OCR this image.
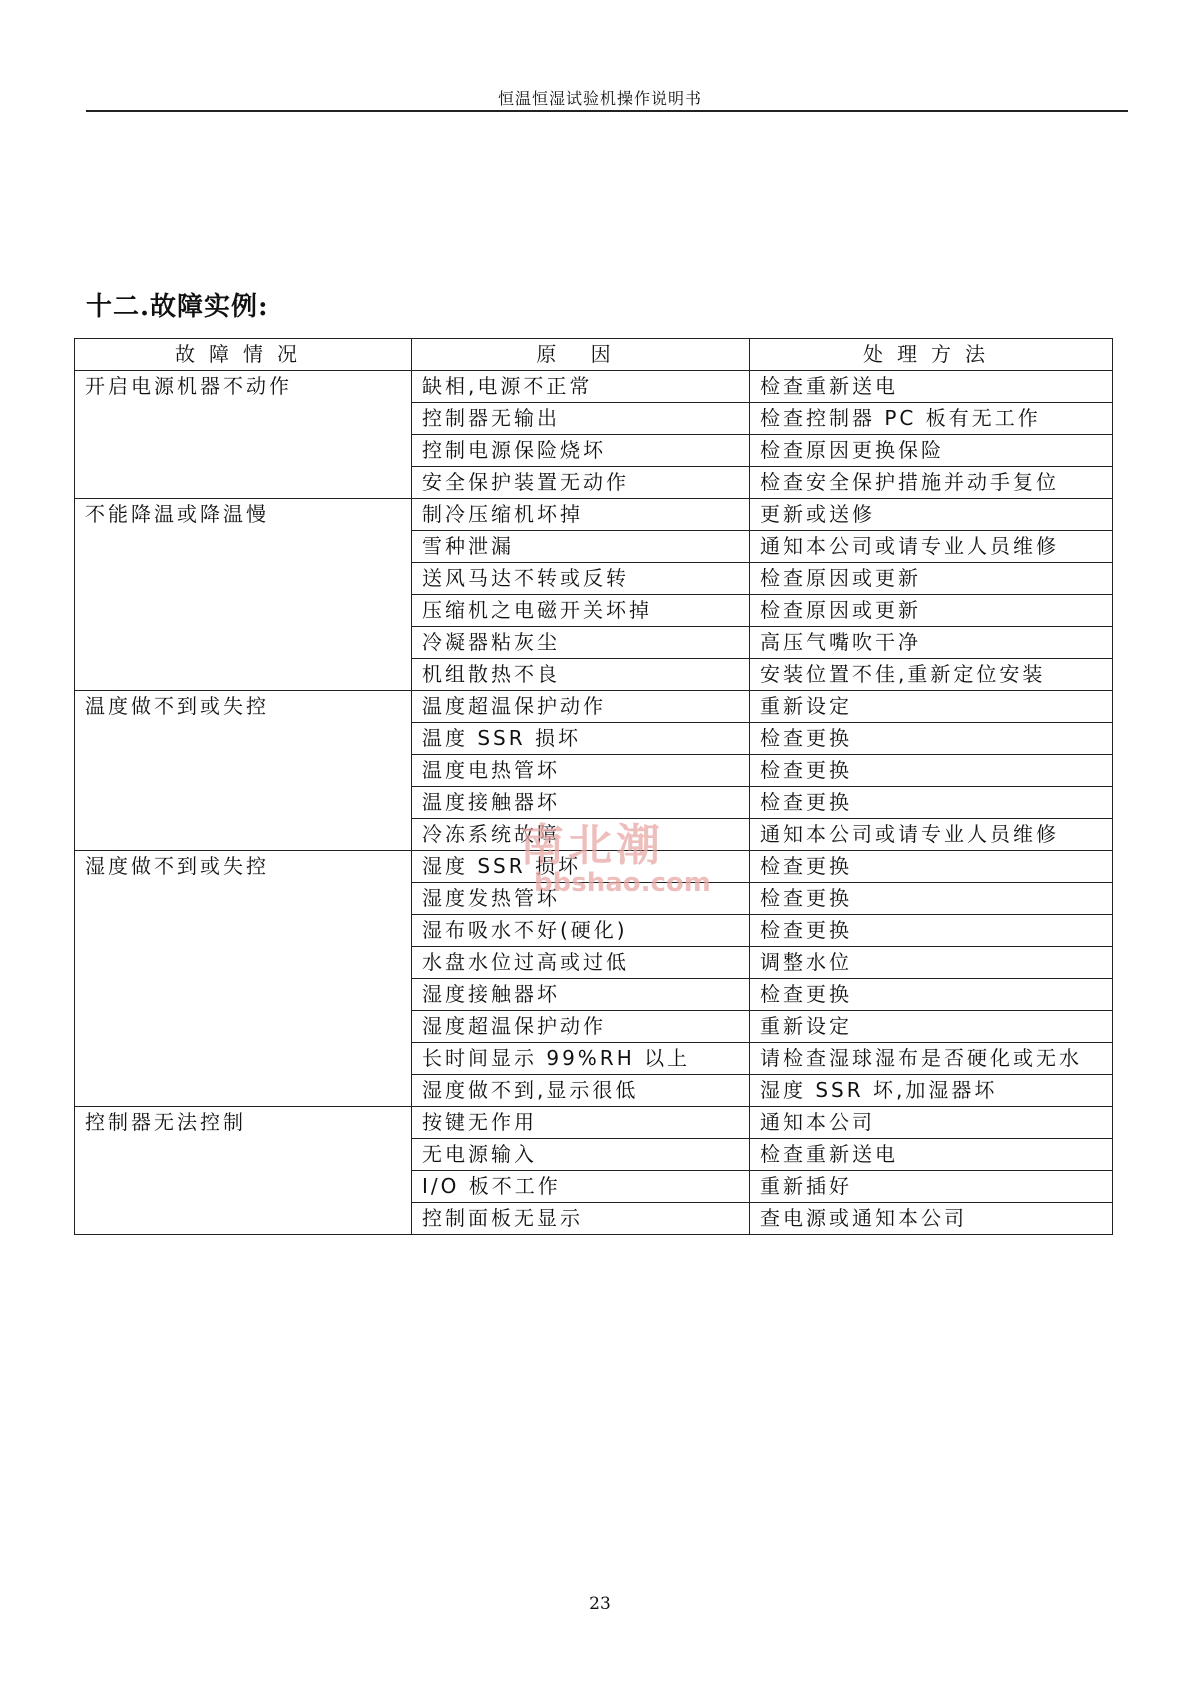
恒温恒湿试验机操作说明书
十二.故障实例:
故障情况	原 因	处理方法
开启电源机器不动作	缺相,电源不正常	检查重新送电
	控制器无输出	检查控制器 PC 板有无工作
	控制电源保险烧坏	检查原因更换保险
	安全保护装置无动作	检查安全保护措施并动手复位
不能降温或降温慢	制冷压缩机坏掉	更新或送修
	雪种泄漏	通知本公司或请专业人员维修
	送风马达不转或反转	检查原因或更新
	压缩机之电磁开关坏掉	检查原因或更新
	冷凝器粘灰尘	高压气嘴吹干净
	机组散热不良	安装位置不佳,重新定位安装
温度做不到或失控	温度超温保护动作	重新设定
	温度 SSR 损坏	检查更换
	温度电热管坏	检查更换
	温度接触器坏	检查更换
	冷冻系统故障	通知本公司或请专业人员维修
湿度做不到或失控	湿度 SSR 损坏	检查更换
	湿度发热管坏	检查更换
	湿布吸水不好(硬化)	检查更换
	水盘水位过高或过低	调整水位
	湿度接触器坏	检查更换
	湿度超温保护动作	重新设定
	长时间显示 99%RH 以上	请检查湿球湿布是否硬化或无水
	湿度做不到,显示很低	湿度 SSR 坏,加湿器坏
控制器无法控制	按键无作用	通知本公司
	无电源输入	检查重新送电
	I/O 板不工作	重新插好
	控制面板无显示	查电源或通知本公司
南北潮
bbshao.com
23
